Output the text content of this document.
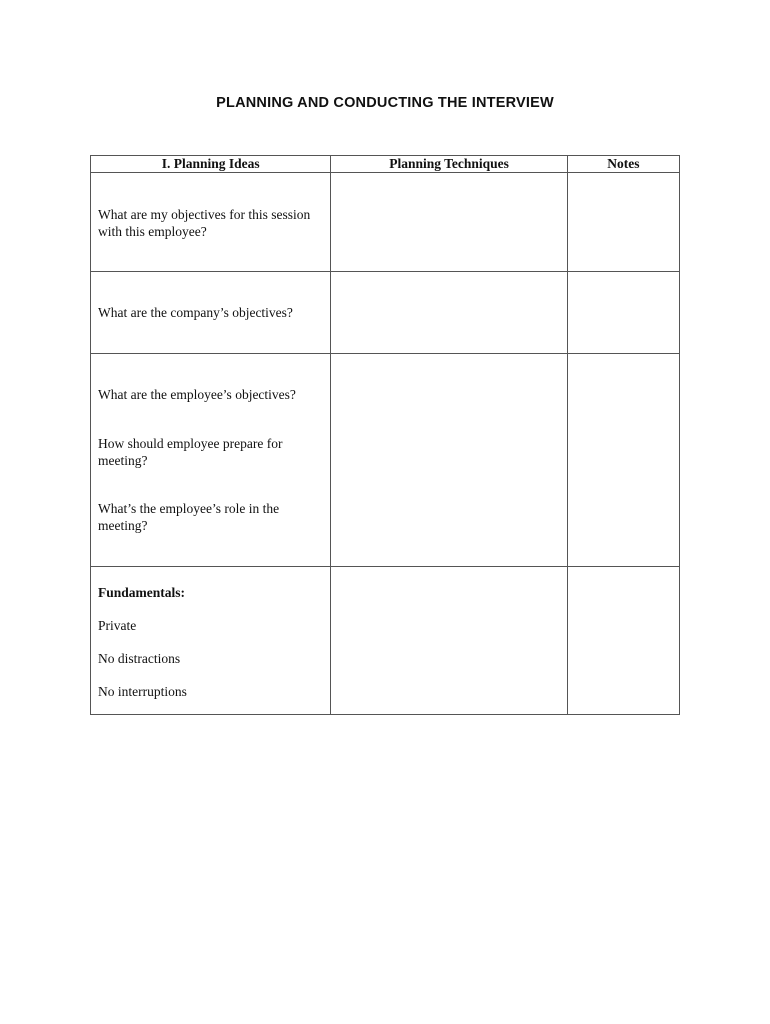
PLANNING AND CONDUCTING THE INTERVIEW
I. Planning Ideas	Planning Techniques	Notes

What are my objectives for this session with this employee?		

What are the company’s objectives?		

What are the employee’s objectives?

How should employee prepare for meeting?

What’s the employee’s role in the meeting?		

Fundamentals:

Private

No distractions

No interruptions		
